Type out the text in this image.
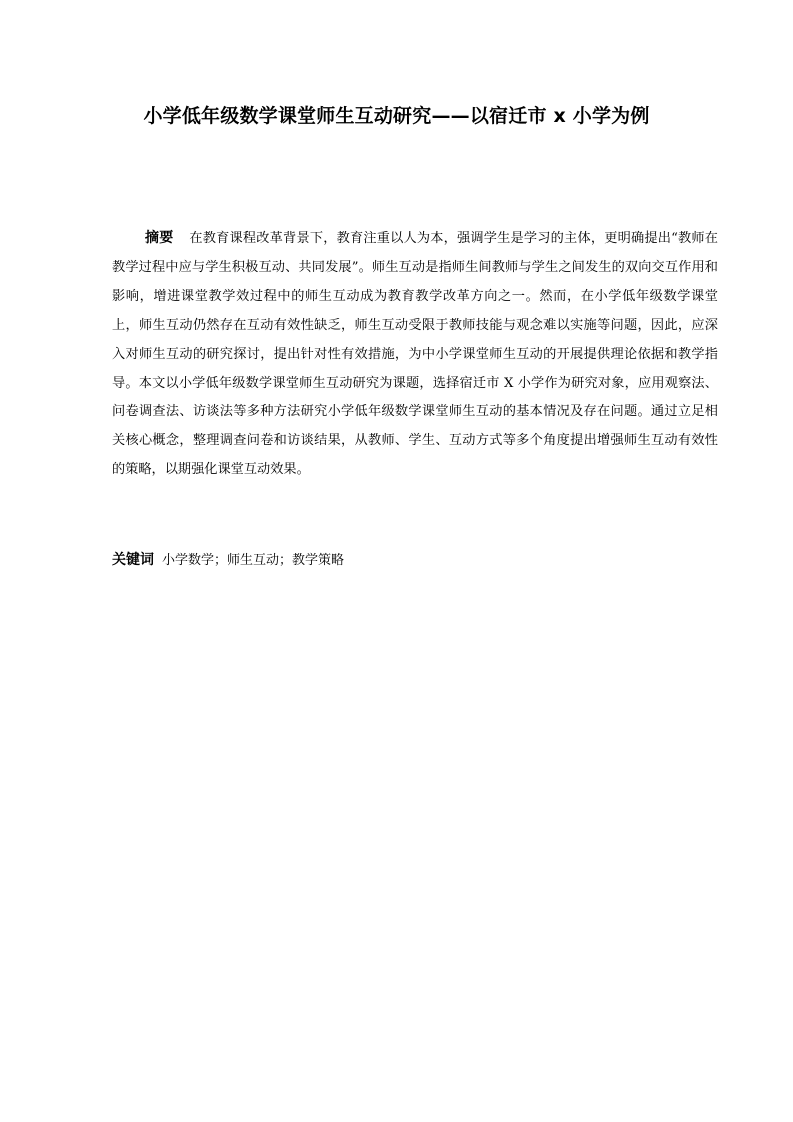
小学低年级数学课堂师生互动研究——以宿迁市 x 小学为例
摘要 在教育课程改革背景下，教育注重以人为本，强调学生是学习的主体，更明确提出“教师在教学过程中应与学生积极互动、共同发展”。师生互动是指师生间教师与学生之间发生的双向交互作用和影响，增进课堂教学效过程中的师生互动成为教育教学改革方向之一。然而，在小学低年级数学课堂上，师生互动仍然存在互动有效性缺乏，师生互动受限于教师技能与观念难以实施等问题，因此，应深入对师生互动的研究探讨，提出针对性有效措施，为中小学课堂师生互动的开展提供理论依据和教学指导。本文以小学低年级数学课堂师生互动研究为课题，选择宿迁市 X 小学作为研究对象，应用观察法、问卷调查法、访谈法等多种方法研究小学低年级数学课堂师生互动的基本情况及存在问题。通过立足相关核心概念，整理调查问卷和访谈结果，从教师、学生、互动方式等多个角度提出增强师生互动有效性的策略，以期强化课堂互动效果。
关键词 小学数学；师生互动；教学策略
